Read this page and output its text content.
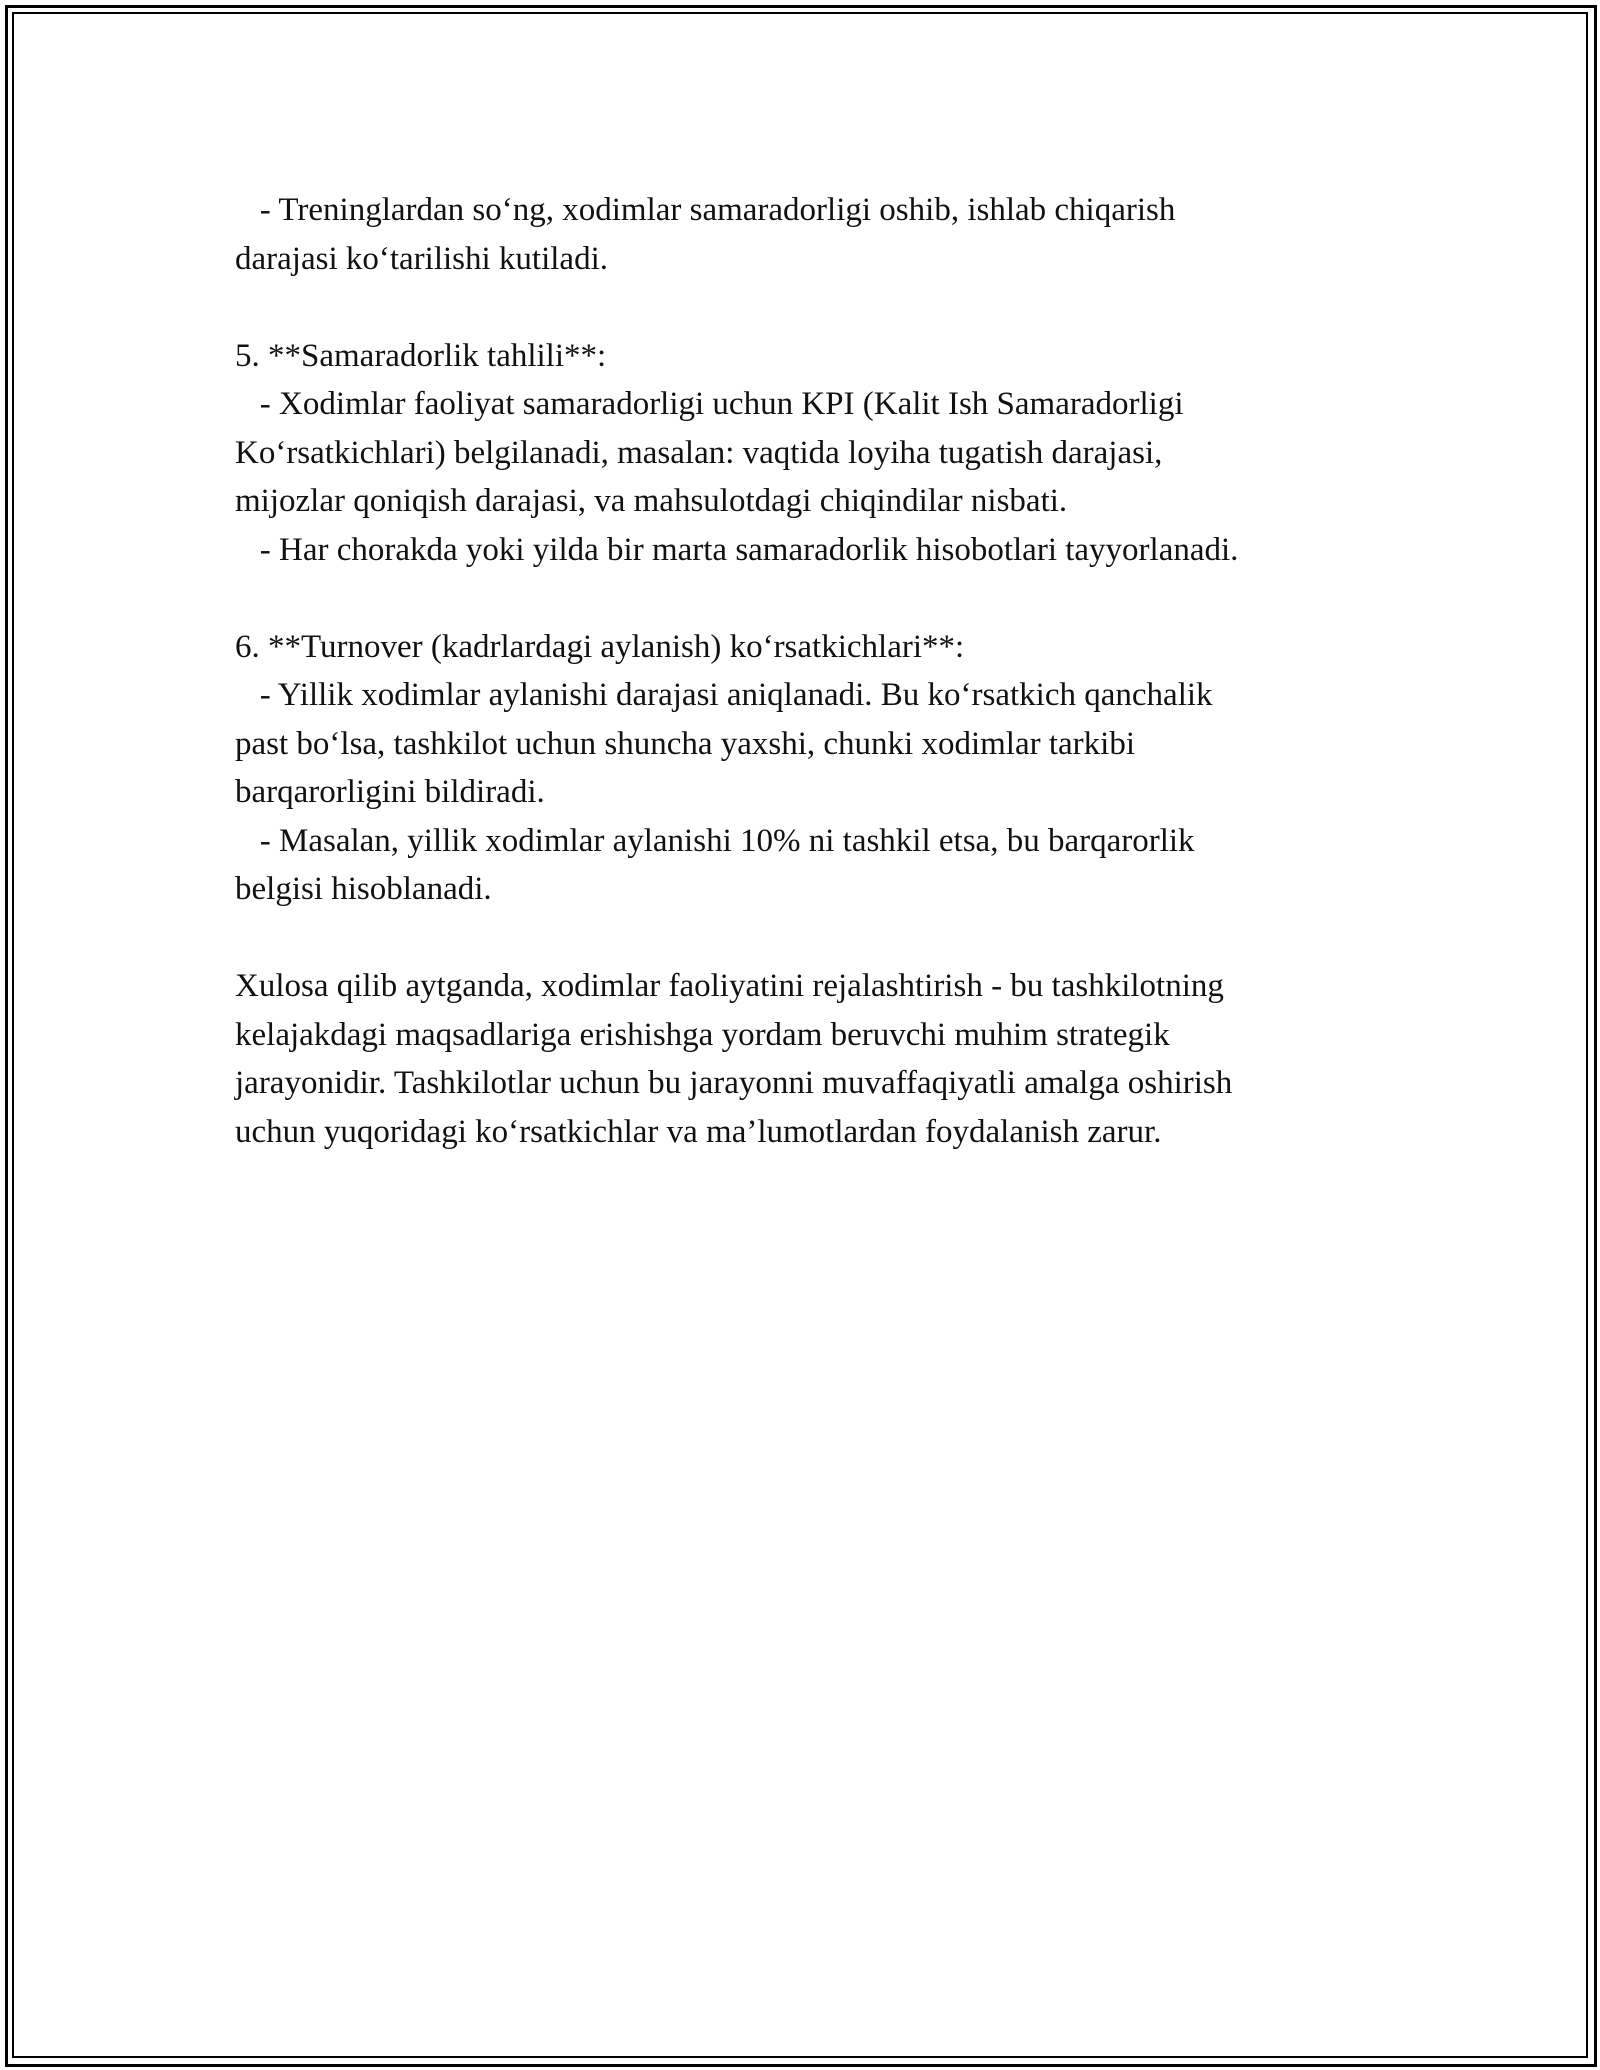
- Treninglardan so‘ng, xodimlar samaradorligi oshib, ishlab chiqarish
darajasi ko‘tarilishi kutiladi.
5. **Samaradorlik tahlili**:
- Xodimlar faoliyat samaradorligi uchun KPI (Kalit Ish Samaradorligi
Ko‘rsatkichlari) belgilanadi, masalan: vaqtida loyiha tugatish darajasi,
mijozlar qoniqish darajasi, va mahsulotdagi chiqindilar nisbati.
- Har chorakda yoki yilda bir marta samaradorlik hisobotlari tayyorlanadi.
6. **Turnover (kadrlardagi aylanish) ko‘rsatkichlari**:
- Yillik xodimlar aylanishi darajasi aniqlanadi. Bu ko‘rsatkich qanchalik
past bo‘lsa, tashkilot uchun shuncha yaxshi, chunki xodimlar tarkibi
barqarorligini bildiradi.
- Masalan, yillik xodimlar aylanishi 10% ni tashkil etsa, bu barqarorlik
belgisi hisoblanadi.
Xulosa qilib aytganda, xodimlar faoliyatini rejalashtirish - bu tashkilotning
kelajakdagi maqsadlariga erishishga yordam beruvchi muhim strategik
jarayonidir. Tashkilotlar uchun bu jarayonni muvaffaqiyatli amalga oshirish
uchun yuqoridagi ko‘rsatkichlar va ma’lumotlardan foydalanish zarur.
